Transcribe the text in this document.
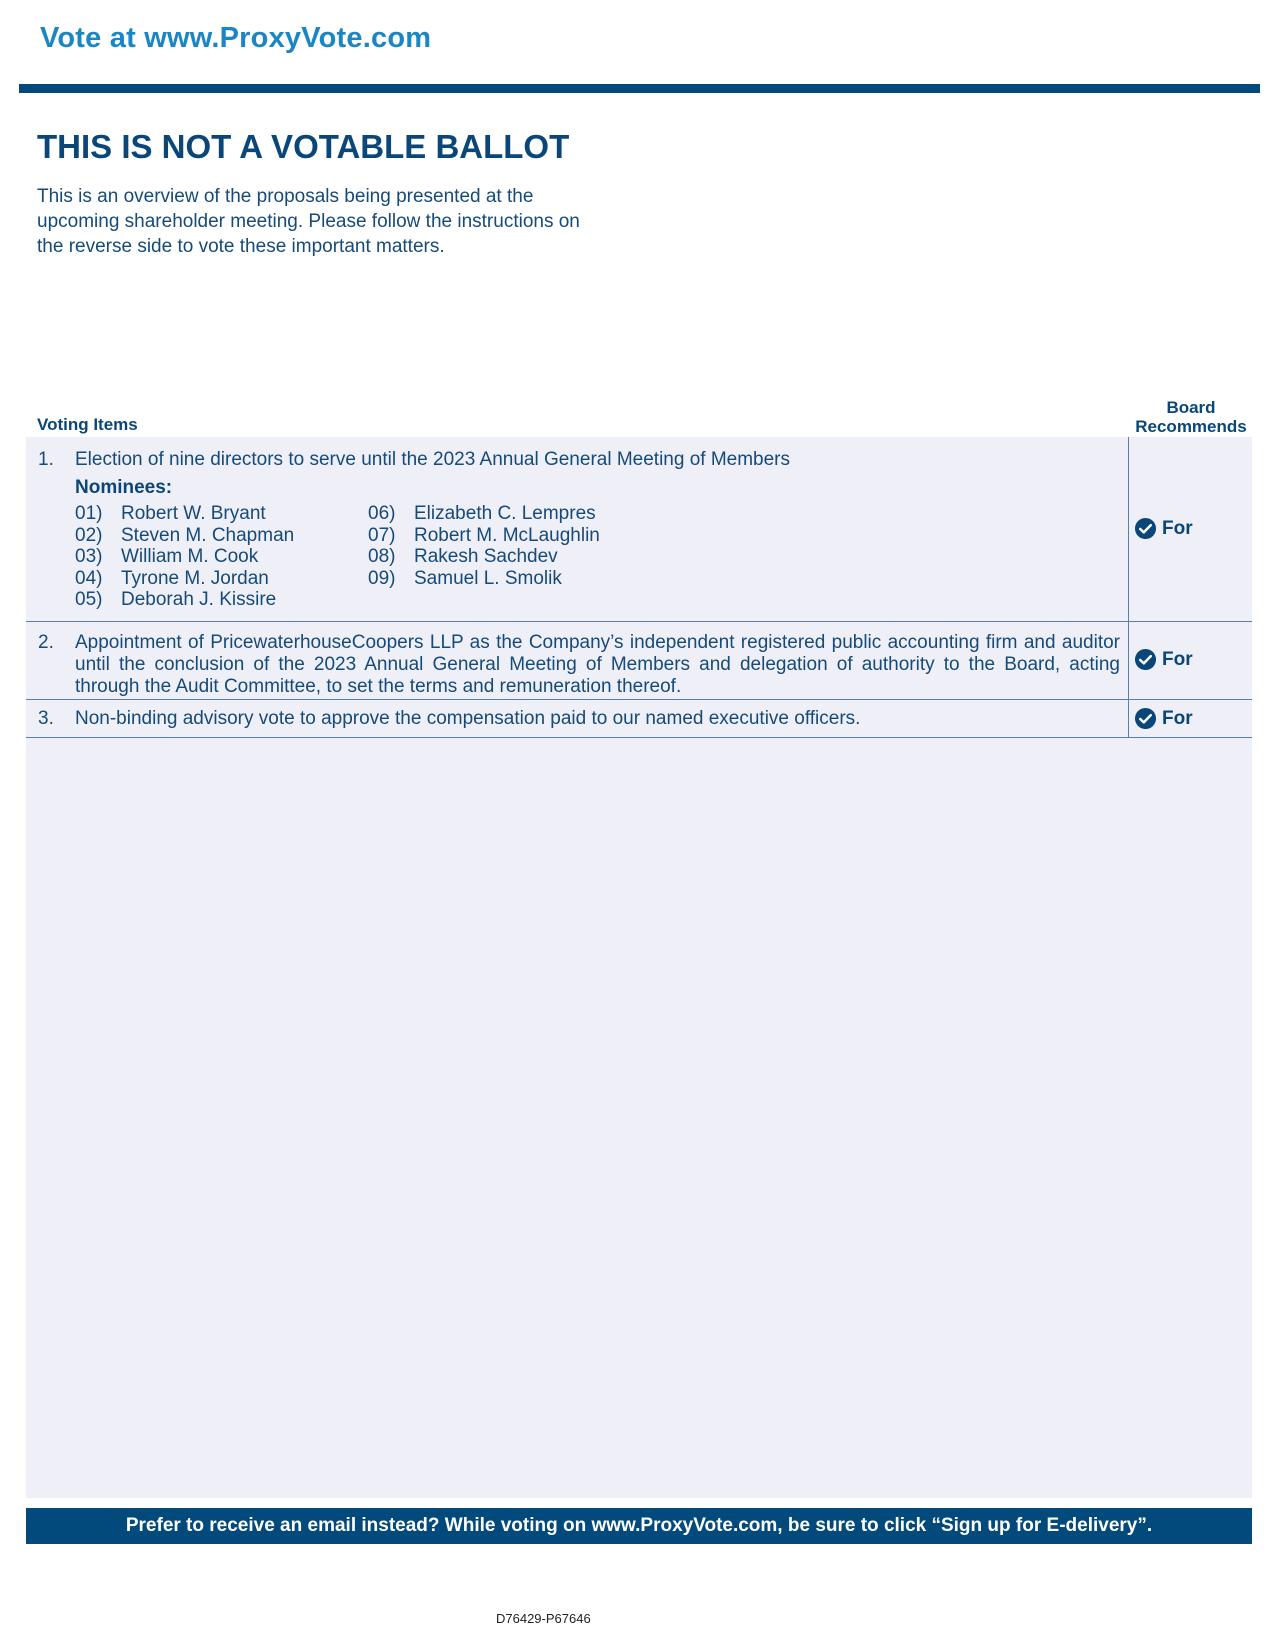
Vote at www.ProxyVote.com
THIS IS NOT A VOTABLE BALLOT
This is an overview of the proposals being presented at the
upcoming shareholder meeting. Please follow the instructions on
the reverse side to vote these important matters.
Voting Items
Board
Recommends
1. Election of nine directors to serve until the 2023 Annual General Meeting of Members
Nominees:
01) Robert W. Bryant
02) Steven M. Chapman
03) William M. Cook
04) Tyrone M. Jordan
05) Deborah J. Kissire
06) Elizabeth C. Lempres
07) Robert M. McLaughlin
08) Rakesh Sachdev
09) Samuel L. Smolik
For
2. Appointment of PricewaterhouseCoopers LLP as the Company’s independent registered public accounting firm and auditor until the conclusion of the 2023 Annual General Meeting of Members and delegation of authority to the Board, acting through the Audit Committee, to set the terms and remuneration thereof.
For
3. Non-binding advisory vote to approve the compensation paid to our named executive officers.	For
Prefer to receive an email instead? While voting on www.ProxyVote.com, be sure to click “Sign up for E-delivery”.
D76429-P67646
